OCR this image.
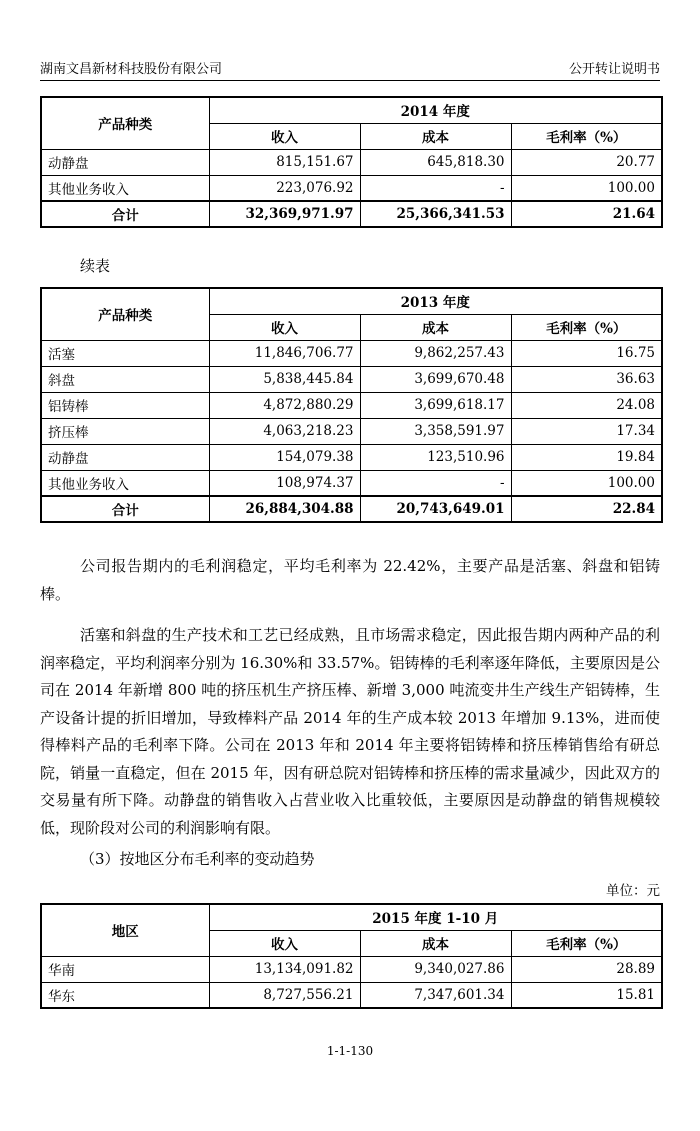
湖南文昌新材科技股份有限公司	公开转让说明书
产品种类	2014 年度		
	收入	成本	毛利率（%）
动静盘	815,151.67	645,818.30	20.77
其他业务收入	223,076.92	-	100.00
合计	32,369,971.97	25,366,341.53	21.64
续表
产品种类	2013 年度		
	收入	成本	毛利率（%）
活塞	11,846,706.77	9,862,257.43	16.75
斜盘	5,838,445.84	3,699,670.48	36.63
铝铸棒	4,872,880.29	3,699,618.17	24.08
挤压棒	4,063,218.23	3,358,591.97	17.34
动静盘	154,079.38	123,510.96	19.84
其他业务收入	108,974.37	-	100.00
合计	26,884,304.88	20,743,649.01	22.84
公司报告期内的毛利润稳定，平均毛利率为 22.42%，主要产品是活塞、斜盘和铝铸棒。
活塞和斜盘的生产技术和工艺已经成熟，且市场需求稳定，因此报告期内两种产品的利润率稳定，平均利润率分别为 16.30%和 33.57%。铝铸棒的毛利率逐年降低，主要原因是公司在 2014 年新增 800 吨的挤压机生产挤压棒、新增 3,000 吨流变井生产线生产铝铸棒，生产设备计提的折旧增加，导致棒料产品 2014 年的生产成本较 2013 年增加 9.13%，进而使得棒料产品的毛利率下降。公司在 2013 年和 2014 年主要将铝铸棒和挤压棒销售给有研总院，销量一直稳定，但在 2015 年，因有研总院对铝铸棒和挤压棒的需求量减少，因此双方的交易量有所下降。动静盘的销售收入占营业收入比重较低，主要原因是动静盘的销售规模较低，现阶段对公司的利润影响有限。
（3）按地区分布毛利率的变动趋势
单位：元
地区	2015 年度 1-10 月		
	收入	成本	毛利率（%）
华南	13,134,091.82	9,340,027.86	28.89
华东	8,727,556.21	7,347,601.34	15.81
1-1-130
